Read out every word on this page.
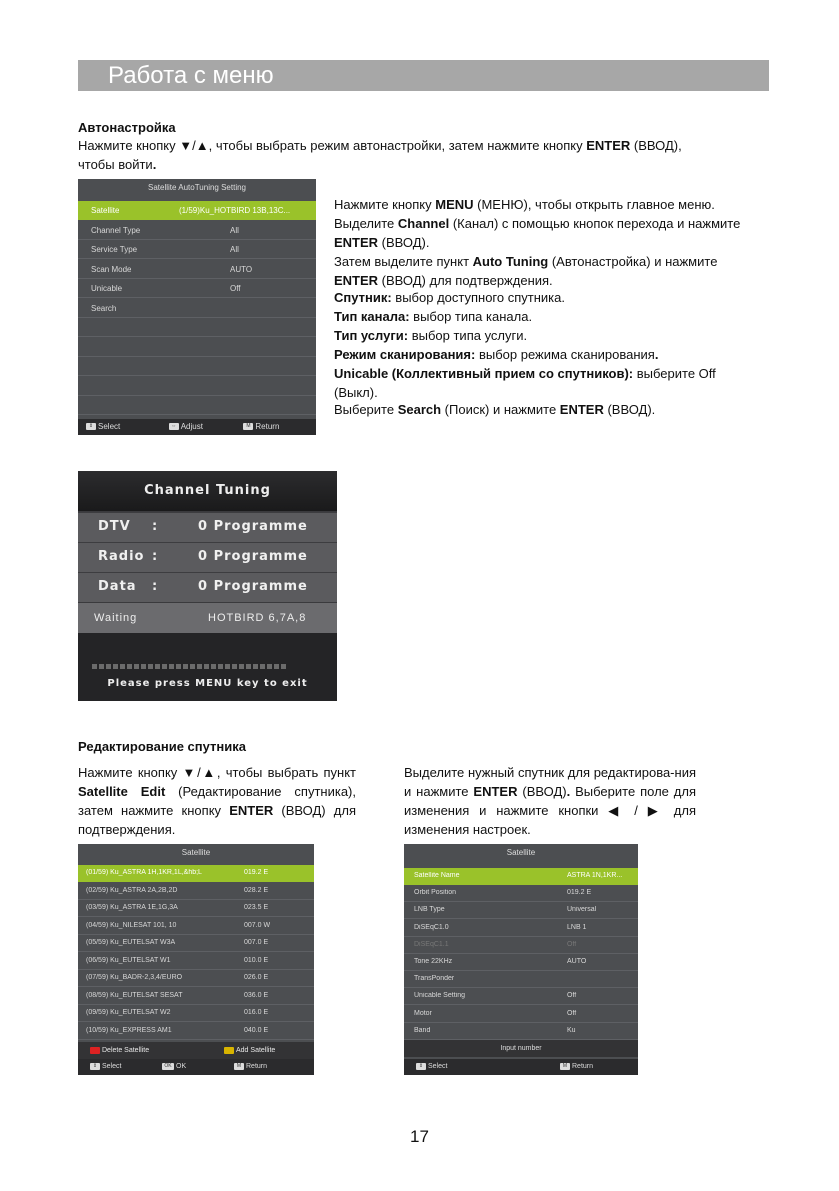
Работа с меню
Автонастройка
Нажмите кнопку ▼/▲, чтобы выбрать режим автонастройки, затем нажмите кнопку ENTER (ВВОД),
чтобы войти.
Satellite AutoTuning Setting
Satellite	(1/59)Ku_HOTBIRD 13B,13C...
Channel Type	All
Service Type	All
Scan Mode	AUTO
Unicable	Off
Search
⇕ Select	⇔ Adjust	M Return
Нажмите кнопку MENU (МЕНЮ), чтобы открыть главное меню.
Выделите Channel (Канал) с помощью кнопок перехода и нажмите
ENTER (ВВОД).
Затем выделите пункт Auto Tuning (Автонастройка) и нажмите
ENTER (ВВОД) для подтверждения.
Спутник: выбор доступного спутника.
Тип канала: выбор типа канала.
Тип услуги: выбор типа услуги.
Режим сканирования: выбор режима сканирования.
Unicable (Коллективный прием со спутников): выберите Off
(Выкл).
Выберите Search (Поиск) и нажмите ENTER (ВВОД).
Channel Tuning
DTV :	0 Programme
Radio :	0 Programme
Data :	0 Programme
Waiting	HOTBIRD 6,7A,8
Please press MENU key to exit
Редактирование спутника
Нажмите кнопку ▼/▲, чтобы выбрать пункт Satellite Edit (Редактирование спутника), затем нажмите кнопку ENTER (ВВОД) для подтверждения.
Выделите нужный спутник для редактирова-ния и нажмите ENTER (ВВОД). Выберите поле для изменения и нажмите кнопки ◀ / ▶ для изменения настроек.
Satellite
(01/59) Ku_ASTRA 1H,1KR,1L,&hb;L	019.2 E
(02/59) Ku_ASTRA 2A,2B,2D	028.2 E
(03/59) Ku_ASTRA 1E,1G,3A	023.5 E
(04/59) Ku_NILESAT 101, 10	007.0 W
(05/59) Ku_EUTELSAT W3A	007.0 E
(06/59) Ku_EUTELSAT W1	010.0 E
(07/59) Ku_BADR-2,3,4/EURO	026.0 E
(08/59) Ku_EUTELSAT SESAT	036.0 E
(09/59) Ku_EUTELSAT W2	016.0 E
(10/59) Ku_EXPRESS AM1	040.0 E
Delete Satellite	Add Satellite
⇕ Select	OK OK	M Return
Satellite
Satellite Name	ASTRA 1N,1KR...
Orbit Position	019.2 E
LNB Type	Universal
DiSEqC1.0	LNB 1
DiSEqC1.1	Off
Tone 22KHz	AUTO
TransPonder
Unicable Setting	Off
Motor	Off
Band	Ku
Input number
⇕ Select	M Return
17
